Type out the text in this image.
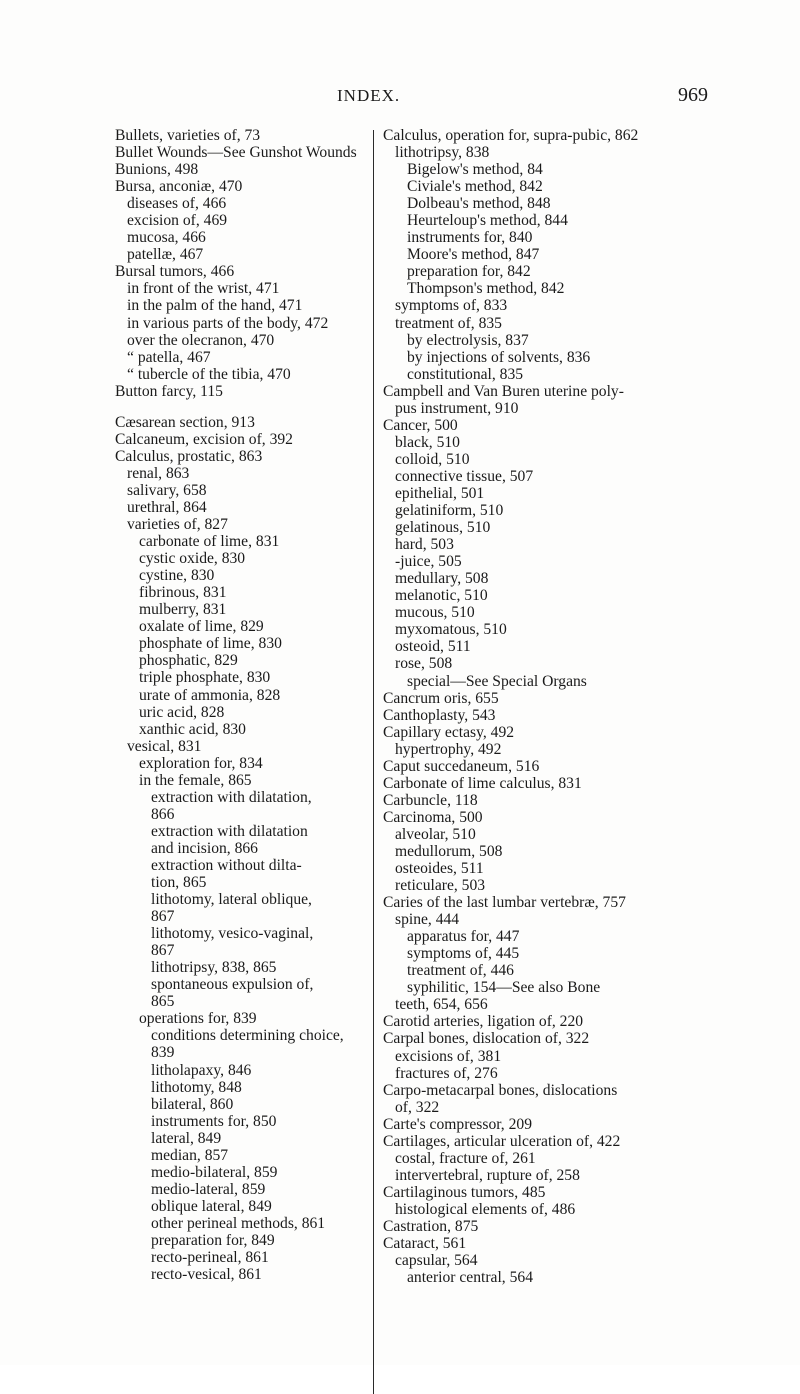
INDEX.	969
Bullets, varieties of, 73
Bullet Wounds—See Gunshot Wounds
Bunions, 498
Bursa, anconiæ, 470
diseases of, 466
excision of, 469
mucosa, 466
patellæ, 467
Bursal tumors, 466
in front of the wrist, 471
in the palm of the hand, 471
in various parts of the body, 472
over the olecranon, 470
“ patella, 467
“ tubercle of the tibia, 470
Button farcy, 115
Cæsarean section, 913
Calcaneum, excision of, 392
Calculus, prostatic, 863
renal, 863
salivary, 658
urethral, 864
varieties of, 827
carbonate of lime, 831
cystic oxide, 830
cystine, 830
fibrinous, 831
mulberry, 831
oxalate of lime, 829
phosphate of lime, 830
phosphatic, 829
triple phosphate, 830
urate of ammonia, 828
uric acid, 828
xanthic acid, 830
vesical, 831
exploration for, 834
in the female, 865
extraction with dilatation,
866
extraction with dilatation
and incision, 866
extraction without dilta-
tion, 865
lithotomy, lateral oblique,
867
lithotomy, vesico-vaginal,
867
lithotripsy, 838, 865
spontaneous expulsion of,
865
operations for, 839
conditions determining choice,
839
litholapaxy, 846
lithotomy, 848
bilateral, 860
instruments for, 850
lateral, 849
median, 857
medio-bilateral, 859
medio-lateral, 859
oblique lateral, 849
other perineal methods, 861
preparation for, 849
recto-perineal, 861
recto-vesical, 861
Calculus, operation for, supra-pubic, 862
lithotripsy, 838
Bigelow's method, 84
Civiale's method, 842
Dolbeau's method, 848
Heurteloup's method, 844
instruments for, 840
Moore's method, 847
preparation for, 842
Thompson's method, 842
symptoms of, 833
treatment of, 835
by electrolysis, 837
by injections of solvents, 836
constitutional, 835
Campbell and Van Buren uterine poly-
pus instrument, 910
Cancer, 500
black, 510
colloid, 510
connective tissue, 507
epithelial, 501
gelatiniform, 510
gelatinous, 510
hard, 503
-juice, 505
medullary, 508
melanotic, 510
mucous, 510
myxomatous, 510
osteoid, 511
rose, 508
special—See Special Organs
Cancrum oris, 655
Canthoplasty, 543
Capillary ectasy, 492
hypertrophy, 492
Caput succedaneum, 516
Carbonate of lime calculus, 831
Carbuncle, 118
Carcinoma, 500
alveolar, 510
medullorum, 508
osteoides, 511
reticulare, 503
Caries of the last lumbar vertebræ, 757
spine, 444
apparatus for, 447
symptoms of, 445
treatment of, 446
syphilitic, 154—See also Bone
teeth, 654, 656
Carotid arteries, ligation of, 220
Carpal bones, dislocation of, 322
excisions of, 381
fractures of, 276
Carpo-metacarpal bones, dislocations
of, 322
Carte's compressor, 209
Cartilages, articular ulceration of, 422
costal, fracture of, 261
intervertebral, rupture of, 258
Cartilaginous tumors, 485
histological elements of, 486
Castration, 875
Cataract, 561
capsular, 564
anterior central, 564
